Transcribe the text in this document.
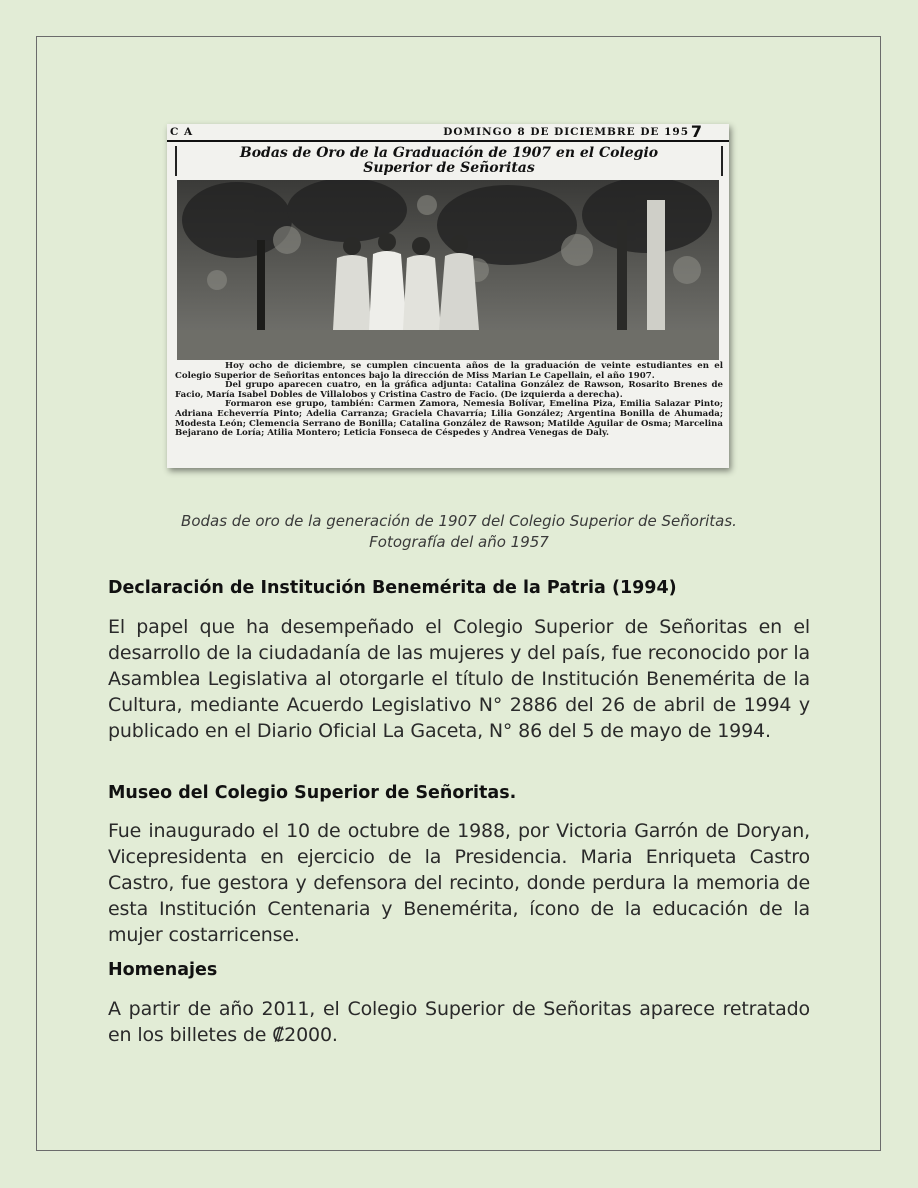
C A	DOMINGO 8 DE DICIEMBRE DE 195 7
Bodas de Oro de la Graduación de 1907 en el Colegio
Superior de Señoritas

Hoy ocho de diciembre, se cumplen cincuenta años de la graduación de veinte estudiantes en el Colegio Superior de Señoritas entonces bajo la dirección de Miss Marian Le Capellain, el año 1907.

Del grupo aparecen cuatro, en la gráfica adjunta: Catalina González de Rawson, Rosarito Brenes de Facio, María Isabel Dobles de Villalobos y Cristina Castro de Facio. (De izquierda a derecha).

Formaron ese grupo, también: Carmen Zamora, Nemesia Bolívar, Emelina Piza, Emilia Salazar Pinto; Adriana Echeverría Pinto; Adelia Carranza; Graciela Chavarría; Lilia González; Argentina Bonilla de Ahumada; Modesta León; Clemencia Serrano de Bonilla; Catalina González de Rawson; Matilde Aguilar de Osma; Marcelina Bejarano de Loría; Atilia Montero; Leticia Fonseca de Céspedes y Andrea Venegas de Daly.

Bodas de oro de la generación de 1907 del Colegio Superior de Señoritas.
Fotografía del año 1957
Declaración de Institución Benemérita de la Patria (1994)
El papel que ha desempeñado el Colegio Superior de Señoritas en el desarrollo de la ciudadanía de las mujeres y del país, fue reconocido por la Asamblea Legislativa al otorgarle el título de Institución Benemérita de la Cultura, mediante Acuerdo Legislativo N° 2886 del 26 de abril de 1994 y publicado en el Diario Oficial La Gaceta, N° 86 del 5 de mayo de 1994.
Museo del Colegio Superior de Señoritas.
Fue inaugurado el 10 de octubre de 1988, por Victoria Garrón de Doryan, Vicepresidenta en ejercicio de la Presidencia. Maria Enriqueta Castro Castro, fue gestora y defensora del recinto, donde perdura la memoria de esta Institución Centenaria y Benemérita, ícono de la educación de la mujer costarricense.
Homenajes
A partir de año 2011, el Colegio Superior de Señoritas aparece retratado en los billetes de ₡2000.
